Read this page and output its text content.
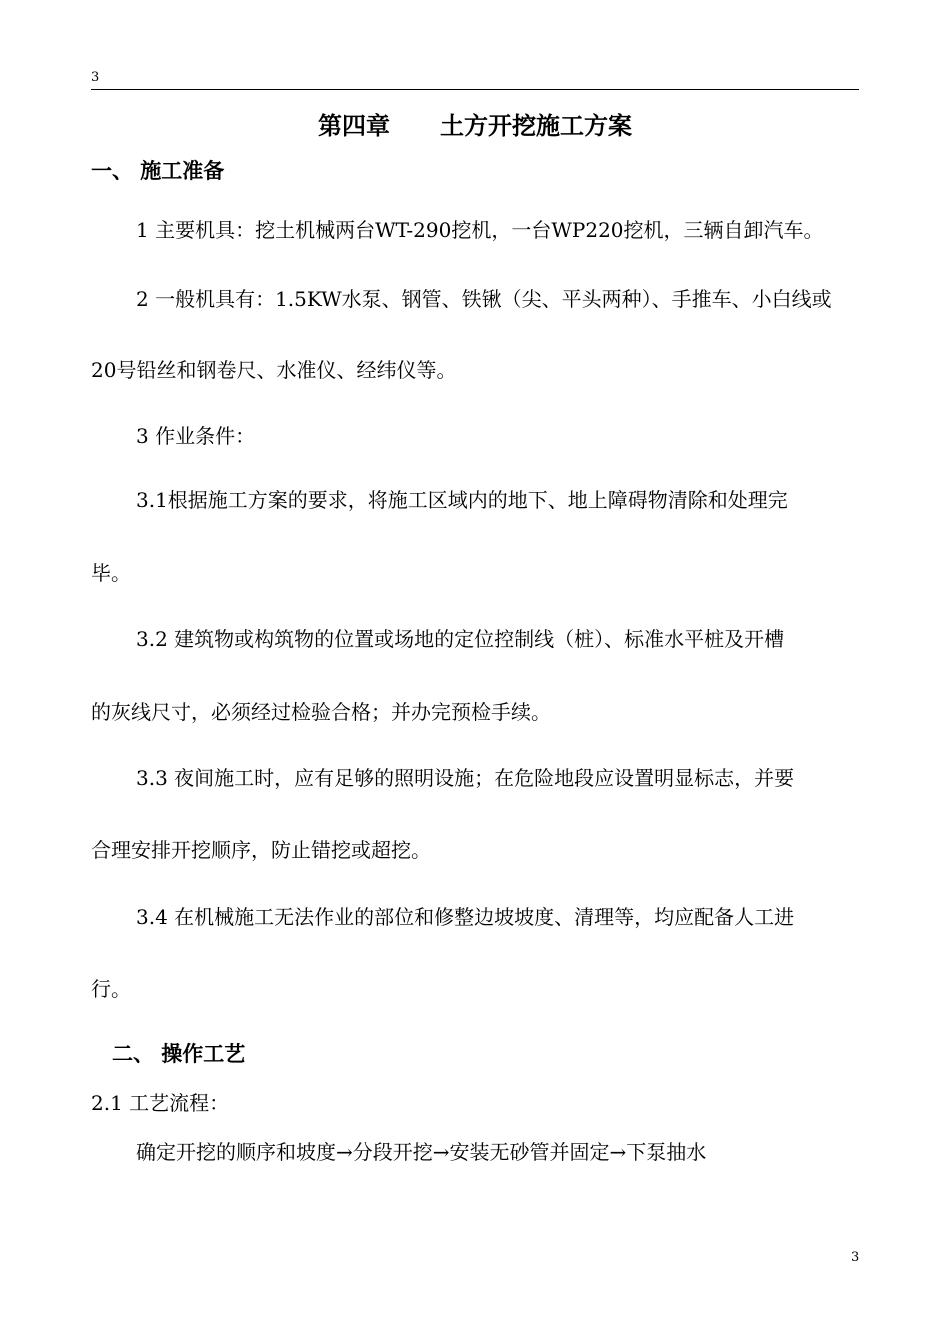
3
第四章 土方开挖施工方案
一、 施工准备
1 主要机具：挖土机械两台WT-290挖机，一台WP220挖机，三辆自卸汽车。
2 一般机具有：1.5KW水泵、钢管、铁锹（尖、平头两种）、手推车、小白线或
20号铅丝和钢卷尺、水准仪、经纬仪等。
3 作业条件：
3.1根据施工方案的要求，将施工区域内的地下、地上障碍物清除和处理完
毕。
3.2 建筑物或构筑物的位置或场地的定位控制线（桩）、标准水平桩及开槽
的灰线尺寸，必须经过检验合格；并办完预检手续。
3.3 夜间施工时，应有足够的照明设施；在危险地段应设置明显标志，并要
合理安排开挖顺序，防止错挖或超挖。
3.4 在机械施工无法作业的部位和修整边坡坡度、清理等，均应配备人工进
行。
二、 操作工艺
2.1 工艺流程：
确定开挖的顺序和坡度→分段开挖→安装无砂管并固定→下泵抽水
3
